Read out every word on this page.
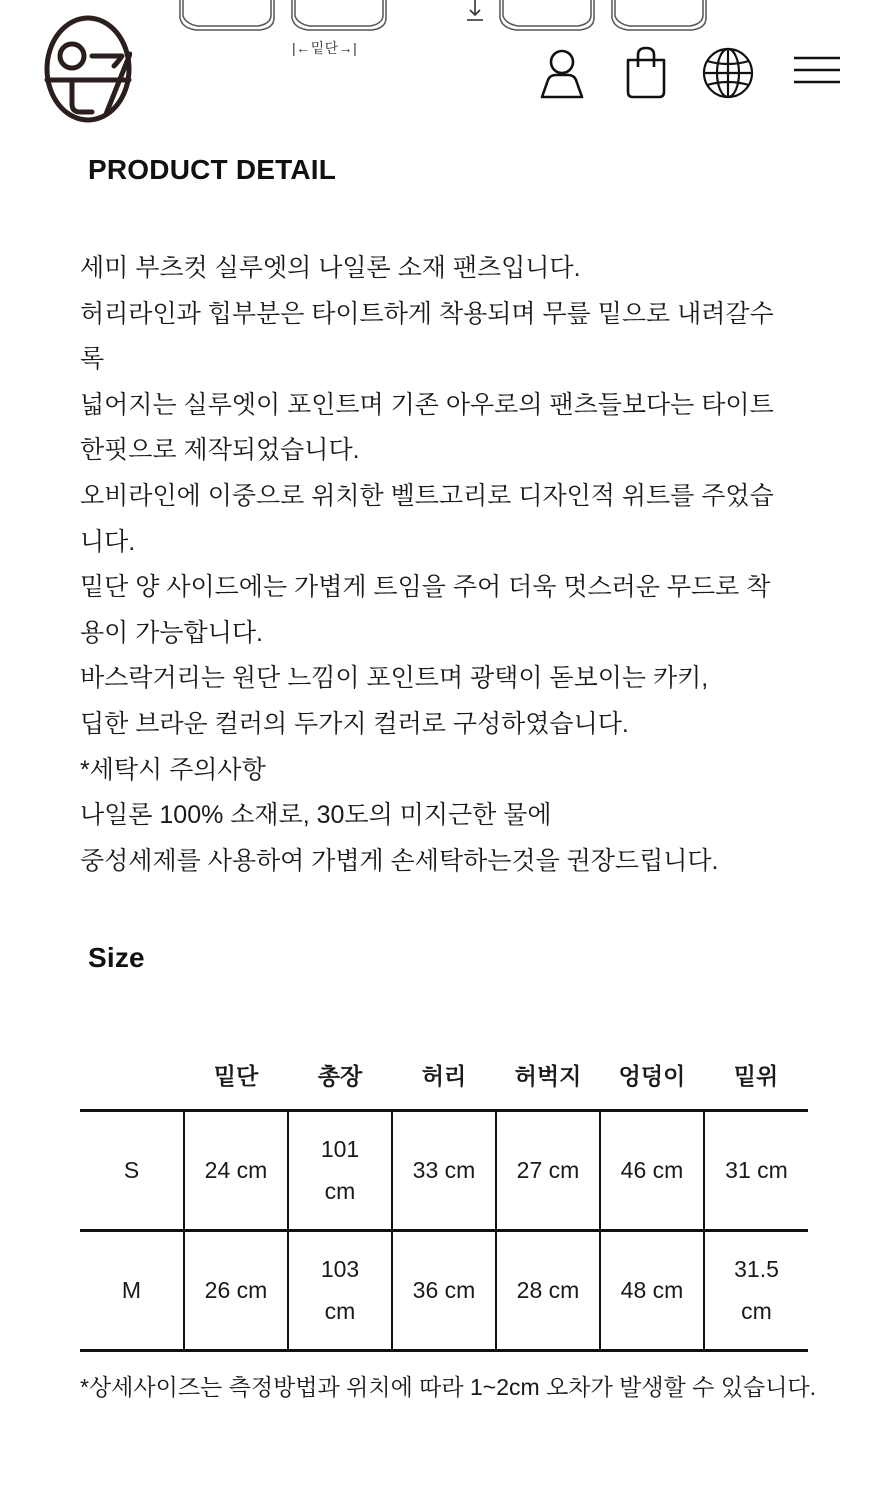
|←밑단→|
PRODUCT DETAIL

세미 부츠컷 실루엣의 나일론 소재 팬츠입니다.

허리라인과 힙부분은 타이트하게 착용되며 무릎 밑으로 내려갈수

록

넓어지는 실루엣이 포인트며 기존 아우로의 팬츠들보다는 타이트

한핏으로 제작되었습니다.

오비라인에 이중으로 위치한 벨트고리로 디자인적 위트를 주었습

니다.

밑단 양 사이드에는 가볍게 트임을 주어 더욱 멋스러운 무드로 착

용이 가능합니다.

바스락거리는 원단 느낌이 포인트며 광택이 돋보이는 카키,

딥한 브라운 컬러의 두가지 컬러로 구성하였습니다.

*세탁시 주의사항

나일론 100% 소재로, 30도의 미지근한 물에

중성세제를 사용하여 가볍게 손세탁하는것을 권장드립니다.

Size
	밑단	총장	허리	허벅지	엉덩이	밑위
S	24 cm	101 cm	33 cm	27 cm	46 cm	31 cm
M	26 cm	103 cm	36 cm	28 cm	48 cm	31.5 cm

*상세사이즈는 측정방법과 위치에 따라 1~2cm 오차가 발생할 수 있습니다.
